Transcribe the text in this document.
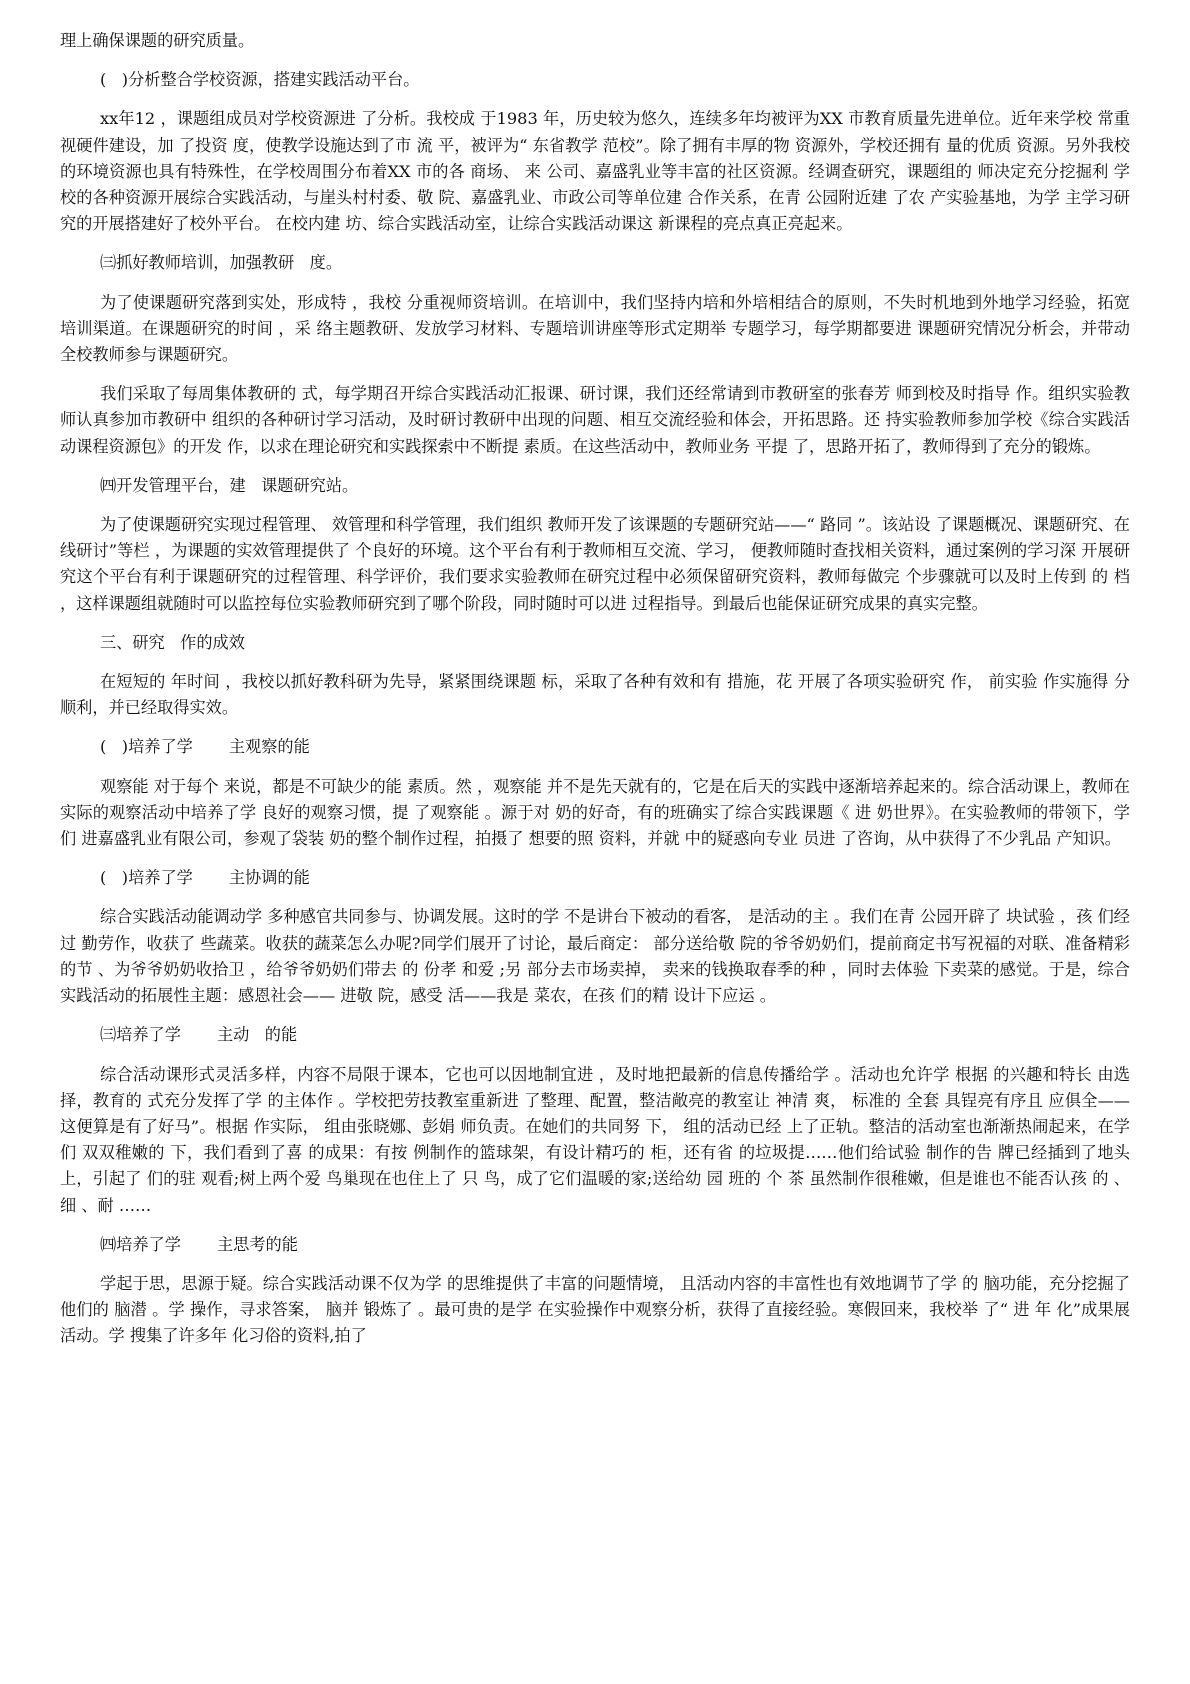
理上确保课题的研究质量。

(   )分析整合学校资源，搭建实践活动平台。

xx年12 ，课题组成员对学校资源进 了分析。我校成 于1983 年，历史较为悠久，连续多年均被评为XX 市教育质量先进单位。近年来学校 常重视硬件建设，加 了投资 度，使教学设施达到了市 流 平，被评为“ 东省教学 范校”。除了拥有丰厚的物 资源外，学校还拥有 量的优质 资源。另外我校的环境资源也具有特殊性，在学校周围分布着XX 市的各 商场、 来 公司、嘉盛乳业等丰富的社区资源。经调查研究，课题组的 师决定充分挖掘利 学校的各种资源开展综合实践活动，与崖头村村委、敬 院、嘉盛乳业、市政公司等单位建 合作关系，在青 公园附近建 了农 产实验基地，为学 主学习研究的开展搭建好了校外平台。 在校内建 坊、综合实践活动室，让综合实践活动课这 新课程的亮点真正亮起来。

㈢抓好教师培训，加强教研   度。

为了使课题研究落到实处，形成特 ，我校 分重视师资培训。在培训中，我们坚持内培和外培相结合的原则，不失时机地到外地学习经验，拓宽培训渠道。在课题研究的时间 ，采 络主题教研、发放学习材料、专题培训讲座等形式定期举 专题学习，每学期都要进 课题研究情况分析会，并带动全校教师参与课题研究。

我们采取了每周集体教研的 式，每学期召开综合实践活动汇报课、研讨课，我们还经常请到市教研室的张春芳 师到校及时指导 作。组织实验教师认真参加市教研中 组织的各种研讨学习活动，及时研讨教研中出现的问题、相互交流经验和体会，开拓思路。还 持实验教师参加学校《综合实践活动课程资源包》的开发 作，以求在理论研究和实践探索中不断提 素质。在这些活动中，教师业务 平提 了，思路开拓了，教师得到了充分的锻炼。

㈣开发管理平台，建   课题研究站。

为了使课题研究实现过程管理、 效管理和科学管理，我们组织 教师开发了该课题的专题研究站——“ 路同 ”。该站设 了课题概况、课题研究、在线研讨”等栏 ，为课题的实效管理提供了 个良好的环境。这个平台有利于教师相互交流、学习， 便教师随时查找相关资料，通过案例的学习深 开展研究这个平台有利于课题研究的过程管理、科学评价，我们要求实验教师在研究过程中必须保留研究资料，教师每做完 个步骤就可以及时上传到 的 档 ，这样课题组就随时可以监控每位实验教师研究到了哪个阶段，同时随时可以进 过程指导。到最后也能保证研究成果的真实完整。

三、研究   作的成效

在短短的 年时间 ，我校以抓好教科研为先导，紧紧围绕课题 标，采取了各种有效和有 措施，花 开展了各项实验研究 作， 前实验 作实施得 分顺利，并已经取得实效。

(   )培养了学       主观察的能

观察能 对于每个 来说，都是不可缺少的能 素质。然 ，观察能 并不是先天就有的，它是在后天的实践中逐渐培养起来的。综合活动课上，教师在实际的观察活动中培养了学 良好的观察习惯，提 了观察能 。源于对 奶的好奇，有的班确实了综合实践课题《 进 奶世界》。在实验教师的带领下，学 们 进嘉盛乳业有限公司，参观了袋装 奶的整个制作过程，拍摄了 想要的照 资料，并就 中的疑惑向专业 员进 了咨询，从中获得了不少乳品 产知识。

(   )培养了学       主协调的能

综合实践活动能调动学 多种感官共同参与、协调发展。这时的学 不是讲台下被动的看客， 是活动的主 。我们在青 公园开辟了 块试验 ，孩 们经过 勤劳作，收获了 些蔬菜。收获的蔬菜怎么办呢?同学们展开了讨论，最后商定： 部分送给敬 院的爷爷奶奶们，提前商定书写祝福的对联、准备精彩的节 、为爷爷奶奶收拾卫 ，给爷爷奶奶们带去 的 份孝 和爱 ;另 部分去市场卖掉， 卖来的钱换取春季的种 ，同时去体验 下卖菜的感觉。于是，综合实践活动的拓展性主题：感恩社会—— 进敬 院，感受 活——我是 菜农，在孩 们的精 设计下应运 。

㈢培养了学       主动   的能

综合活动课形式灵活多样，内容不局限于课本，它也可以因地制宜进 ，及时地把最新的信息传播给学 。活动也允许学 根据 的兴趣和特长 由选择，教育的 式充分发挥了学 的主体作 。学校把劳技教室重新进 了整理、配置，整洁敞亮的教室让 神清 爽， 标准的 全套 具锃亮有序且 应俱全——这便算是有了好马”。根据 作实际， 组由张晓娜、彭娟 师负责。在她们的共同努 下， 组的活动已经 上了正轨。整洁的活动室也渐渐热闹起来，在学 们 双双稚嫩的 下，我们看到了喜 的成果：有按 例制作的篮球架，有设计精巧的 柜，还有省 的垃圾提……他们给试验 制作的告 牌已经插到了地头上，引起了 们的驻 观看;树上两个爱 鸟巢现在也住上了 只 鸟，成了它们温暖的家;送给幼 园 班的 个 茶 虽然制作很稚嫩，但是谁也不能否认孩 的 、细 、耐 ……

㈣培养了学       主思考的能

学起于思，思源于疑。综合实践活动课不仅为学 的思维提供了丰富的问题情境， 且活动内容的丰富性也有效地调节了学 的 脑功能，充分挖掘了他们的 脑潜 。学 操作，寻求答案， 脑并 锻炼了 。最可贵的是学 在实验操作中观察分析，获得了直接经验。寒假回来，我校举 了“ 进 年 化”成果展 活动。学 搜集了许多年 化习俗的资料,拍了
